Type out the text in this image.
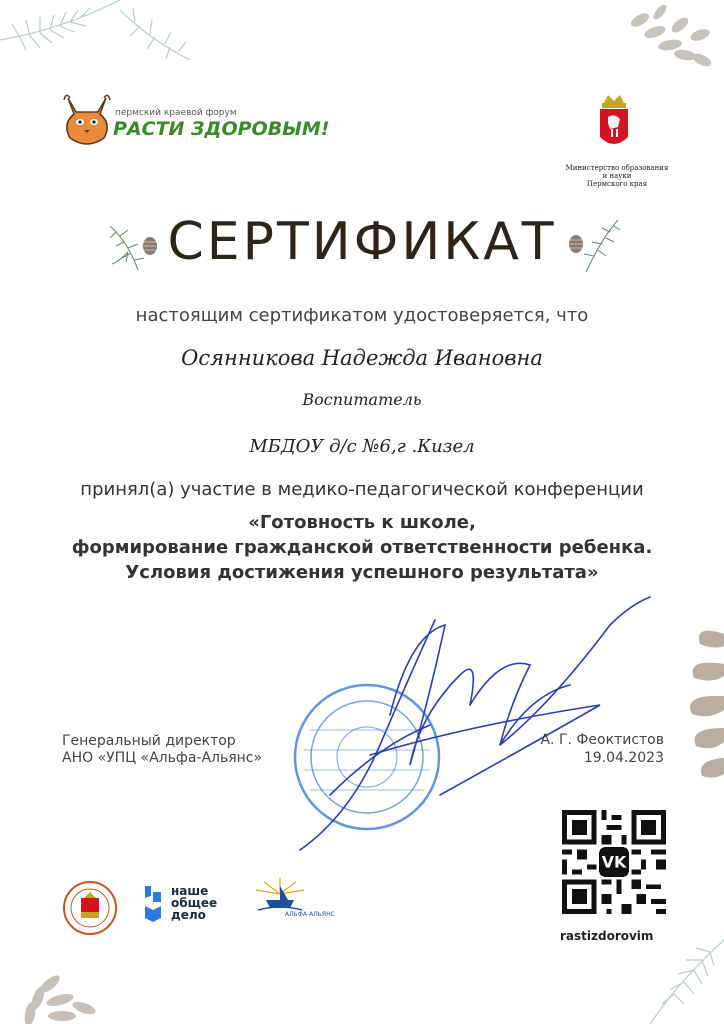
пермский краевой форум
РАСТИ ЗДОРОВЫМ!
Министерство образования
и науки
Пермского края
СЕРТИФИКАТ
настоящим сертификатом удостоверяется, что
Осянникова Надежда Ивановна
Воспитатель
МБДОУ д/с №6,г .Кизел
принял(а) участие в медико-педагогической конференции
«Готовность к школе,
формирование гражданской ответственности ребенка.
Условия достижения успешного результата»
Генеральный директор
АНО «УПЦ «Альфа-Альянс»
А. Г. Феоктистов
19.04.2023
VK
rastizdorovim
наше
общее
дело	АЛЬФА-АЛЬЯНС
